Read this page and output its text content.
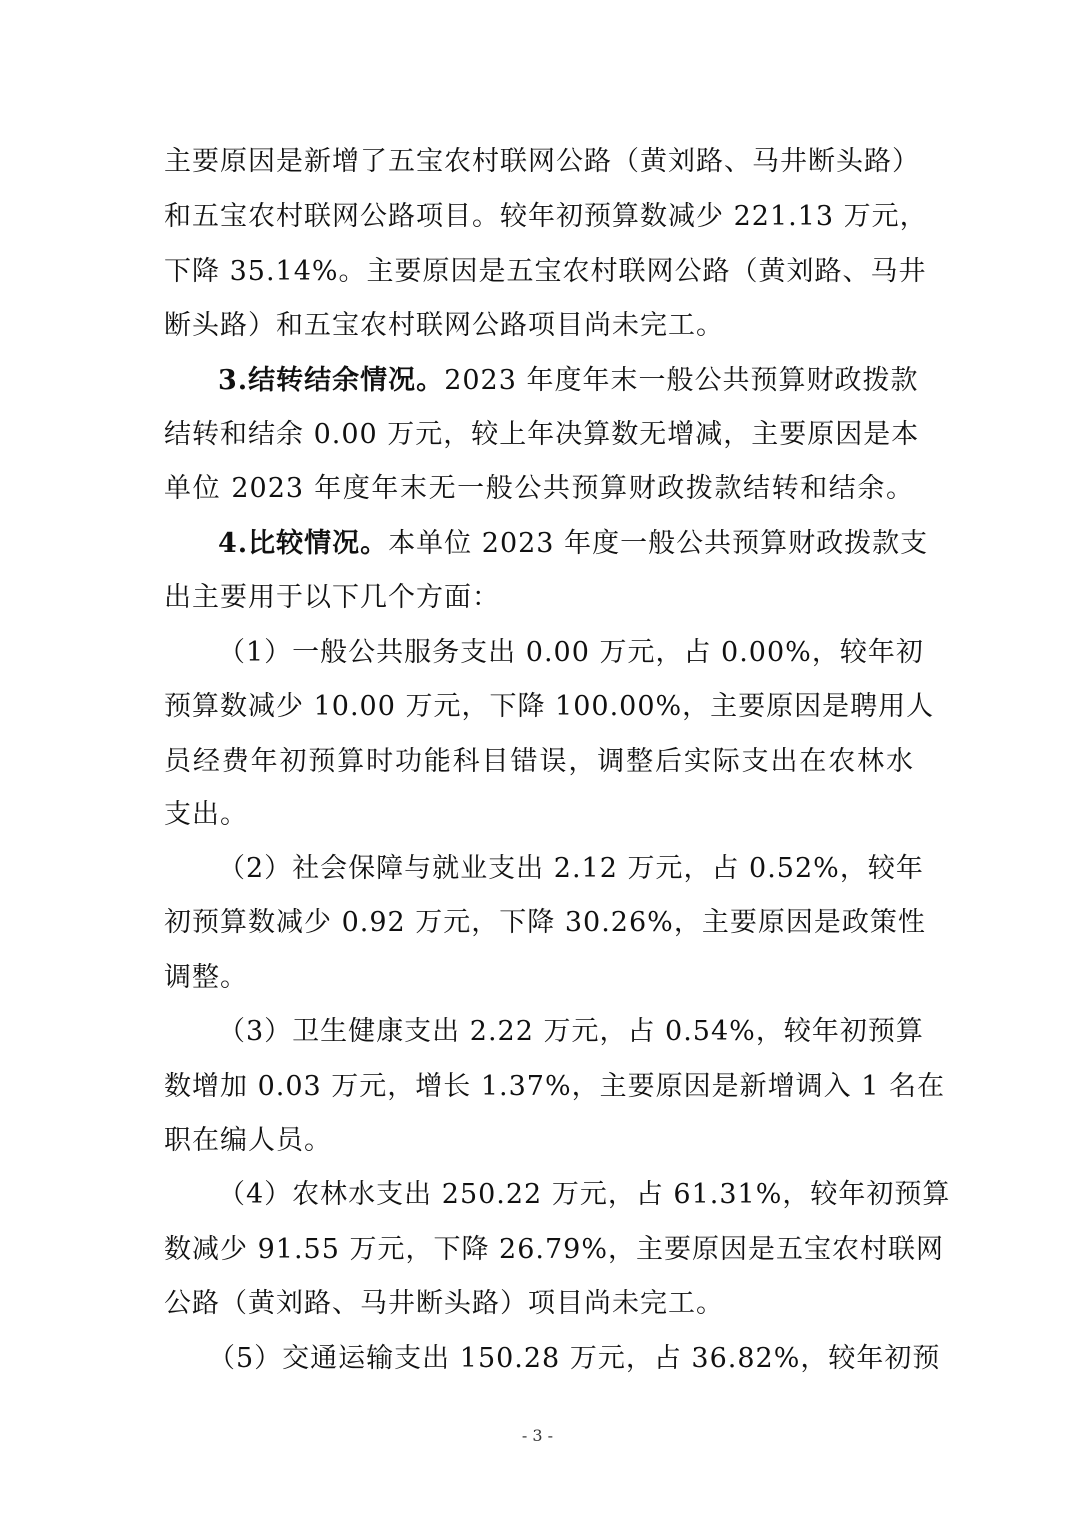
主要原因是新增了五宝农村联网公路（黄刘路、马井断头路）
和五宝农村联网公路项目。较年初预算数减少 221.13 万元，
下降 35.14%。主要原因是五宝农村联网公路（黄刘路、马井
断头路）和五宝农村联网公路项目尚未完工。
3.结转结余情况。2023 年度年末一般公共预算财政拨款
结转和结余 0.00 万元，较上年决算数无增减，主要原因是本
单位 2023 年度年末无一般公共预算财政拨款结转和结余。
4.比较情况。本单位 2023 年度一般公共预算财政拨款支
出主要用于以下几个方面：
（1）一般公共服务支出 0.00 万元，占 0.00%，较年初
预算数减少 10.00 万元，下降 100.00%，主要原因是聘用人
员经费年初预算时功能科目错误，调整后实际支出在农林水
支出。
（2）社会保障与就业支出 2.12 万元，占 0.52%，较年
初预算数减少 0.92 万元，下降 30.26%，主要原因是政策性
调整。
（3）卫生健康支出 2.22 万元，占 0.54%，较年初预算
数增加 0.03 万元，增长 1.37%，主要原因是新增调入 1 名在
职在编人员。
（4）农林水支出 250.22 万元，占 61.31%，较年初预算
数减少 91.55 万元，下降 26.79%，主要原因是五宝农村联网
公路（黄刘路、马井断头路）项目尚未完工。
（5）交通运输支出 150.28 万元，占 36.82%，较年初预
- 3 -
